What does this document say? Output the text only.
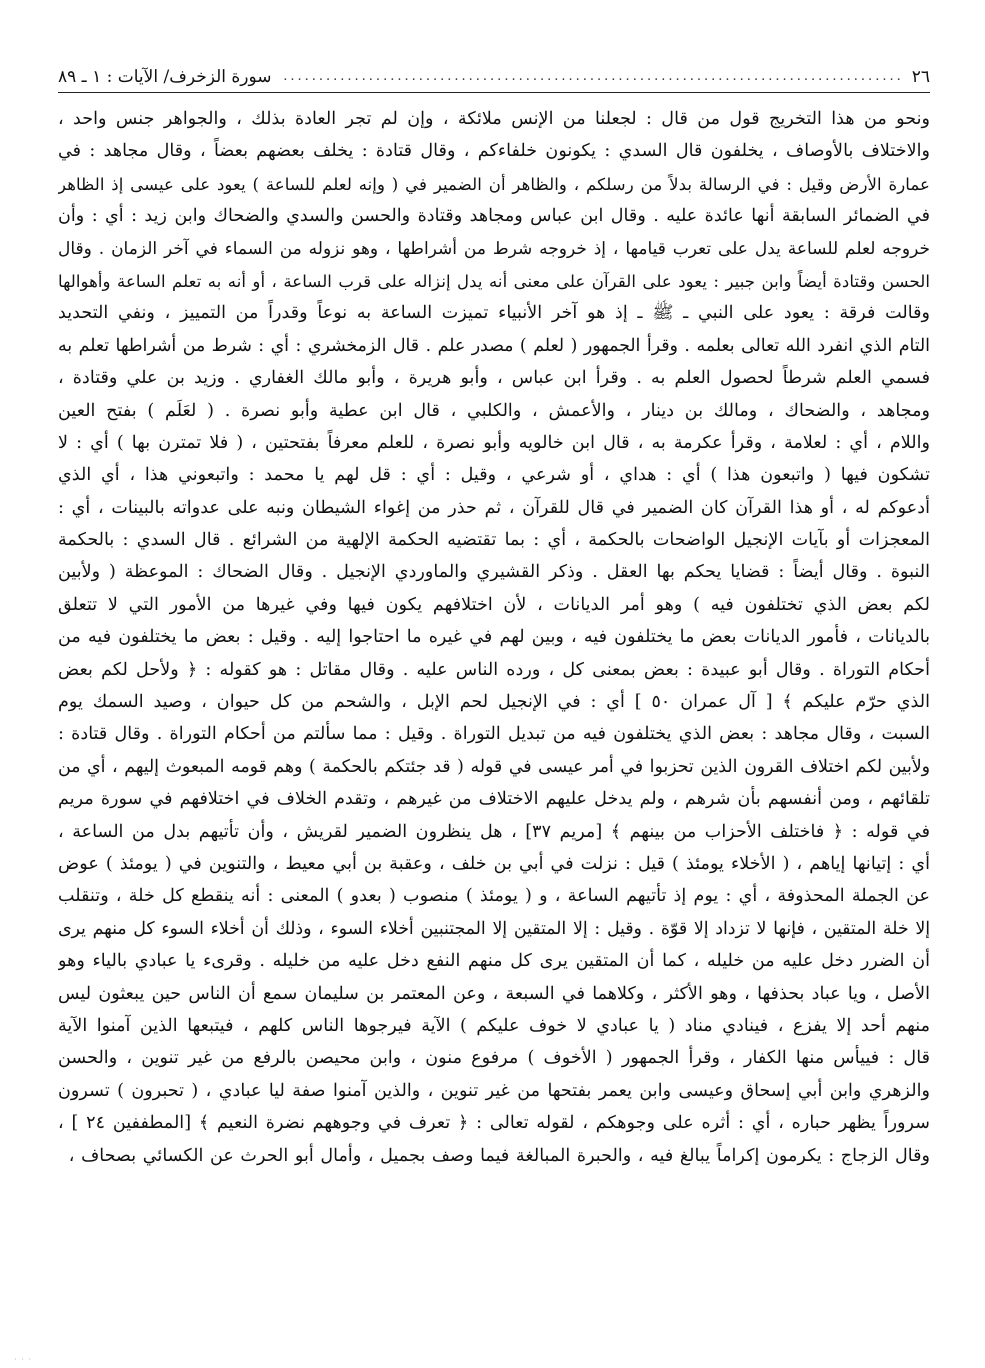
٢٦
.....
سورة الزخرف/ الآيات : ١ ـ ٨٩
ونحو من هذا التخريج قول من قال : لجعلنا من الإنس ملائكة ، وإن لم تجر العادة بذلك ، والجواهر جنس واحد ،
والاختلاف بالأوصاف ، يخلفون قال السدي : يكونون خلفاءكم ، وقال قتادة : يخلف بعضهم بعضاً ، وقال مجاهد : في
عمارة الأرض وقيل : في الرسالة بدلاً من رسلكم ، والظاهر أن الضمير في ( وإنه لعلم للساعة ) يعود على عيسى إذ الظاهر
في الضمائر السابقة أنها عائدة عليه . وقال ابن عباس ومجاهد وقتادة والحسن والسدي والضحاك وابن زيد : أي : وأن
خروجه لعلم للساعة يدل على تعرب قيامها ، إذ خروجه شرط من أشراطها ، وهو نزوله من السماء في آخر الزمان . وقال
الحسن وقتادة أيضاً وابن جبير : يعود على القرآن على معنى أنه يدل إنزاله على قرب الساعة ، أو أنه به تعلم الساعة وأهوالها
وقالت فرقة : يعود على النبي ـ ﷺ ـ إذ هو آخر الأنبياء تميزت الساعة به نوعاً وقدراً من التمييز ، ونفي التحديد
التام الذي انفرد الله تعالى بعلمه . وقرأ الجمهور ( لعلم ) مصدر علم . قال الزمخشري : أي : شرط من أشراطها تعلم به
فسمي العلم شرطاً لحصول العلم به . وقرأ ابن عباس ، وأبو هريرة ، وأبو مالك الغفاري . وزيد بن علي وقتادة ،
ومجاهد ، والضحاك ، ومالك بن دينار ، والأعمش ، والكلبي ، قال ابن عطية وأبو نصرة . ( لعَلَم ) بفتح العين
واللام ، أي : لعلامة ، وقرأ عكرمة به ، قال ابن خالويه وأبو نصرة ، للعلم معرفاً بفتحتين ، ( فلا تمترن بها ) أي : لا
تشكون فيها ( واتبعون هذا ) أي : هداي ، أو شرعي ، وقيل : أي : قل لهم يا محمد : واتبعوني هذا ، أي الذي
أدعوكم له ، أو هذا القرآن كان الضمير في قال للقرآن ، ثم حذر من إغواء الشيطان ونبه على عدواته بالبينات ، أي :
المعجزات أو بآيات الإنجيل الواضحات بالحكمة ، أي : بما تقتضيه الحكمة الإلهية من الشرائع . قال السدي : بالحكمة
النبوة . وقال أيضاً : قضايا يحكم بها العقل . وذكر القشيري والماوردي الإنجيل . وقال الضحاك : الموعظة ( ولأبين
لكم بعض الذي تختلفون فيه ) وهو أمر الديانات ، لأن اختلافهم يكون فيها وفي غيرها من الأمور التي لا تتعلق
بالديانات ، فأمور الديانات بعض ما يختلفون فيه ، وبين لهم في غيره ما احتاجوا إليه . وقيل : بعض ما يختلفون فيه من
أحكام التوراة . وقال أبو عبيدة : بعض بمعنى كل ، ورده الناس عليه . وقال مقاتل : هو كقوله : ﴿ ولأحل لكم بعض
الذي حرّم عليكم ﴾ [ آل عمران ٥٠ ] أي : في الإنجيل لحم الإبل ، والشحم من كل حيوان ، وصيد السمك يوم
السبت ، وقال مجاهد : بعض الذي يختلفون فيه من تبديل التوراة . وقيل : مما سألتم من أحكام التوراة . وقال قتادة :
ولأبين لكم اختلاف القرون الذين تحزبوا في أمر عيسى في قوله ( قد جئتكم بالحكمة ) وهم قومه المبعوث إليهم ، أي من
تلقائهم ، ومن أنفسهم بأن شرهم ، ولم يدخل عليهم الاختلاف من غيرهم ، وتقدم الخلاف في اختلافهم في سورة مريم
في قوله : ﴿ فاختلف الأحزاب من بينهم ﴾ [مريم ٣٧] ، هل ينظرون الضمير لقريش ، وأن تأتيهم بدل من الساعة ،
أي : إتيانها إياهم ، ( الأخلاء يومئذ ) قيل : نزلت في أبي بن خلف ، وعقبة بن أبي معيط ، والتنوين في ( يومئذ ) عوض
عن الجملة المحذوفة ، أي : يوم إذ تأتيهم الساعة ، و ( يومئذ ) منصوب ( بعدو ) المعنى : أنه ينقطع كل خلة ، وتنقلب
إلا خلة المتقين ، فإنها لا تزداد إلا قوّة . وقيل : إلا المتقين إلا المجتنبين أخلاء السوء ، وذلك أن أخلاء السوء كل منهم يرى
أن الضرر دخل عليه من خليله ، كما أن المتقين يرى كل منهم النفع دخل عليه من خليله . وقرىء يا عبادي بالياء وهو
الأصل ، ويا عباد بحذفها ، وهو الأكثر ، وكلاهما في السبعة ، وعن المعتمر بن سليمان سمع أن الناس حين يبعثون ليس
منهم أحد إلا يفزع ، فينادي مناد ( يا عبادي لا خوف عليكم ) الآية فيرجوها الناس كلهم ، فيتبعها الذين آمنوا الآية
قال : فييأس منها الكفار ، وقرأ الجمهور ( الأخوف ) مرفوع منون ، وابن محيصن بالرفع من غير تنوين ، والحسن
والزهري وابن أبي إسحاق وعيسى وابن يعمر بفتحها من غير تنوين ، والذين آمنوا صفة ليا عبادي ، ( تحبرون ) تسرون
سروراً يظهر حباره ، أي : أثره على وجوهكم ، لقوله تعالى : ﴿ تعرف في وجوههم نضرة النعيم ﴾ [المطففين ٢٤ ] ،
وقال الزجاج : يكرمون إكراماً يبالغ فيه ، والحبرة المبالغة فيما وصف بجميل ، وأمال أبو الحرث عن الكسائي بصحاف ،
· · ·
